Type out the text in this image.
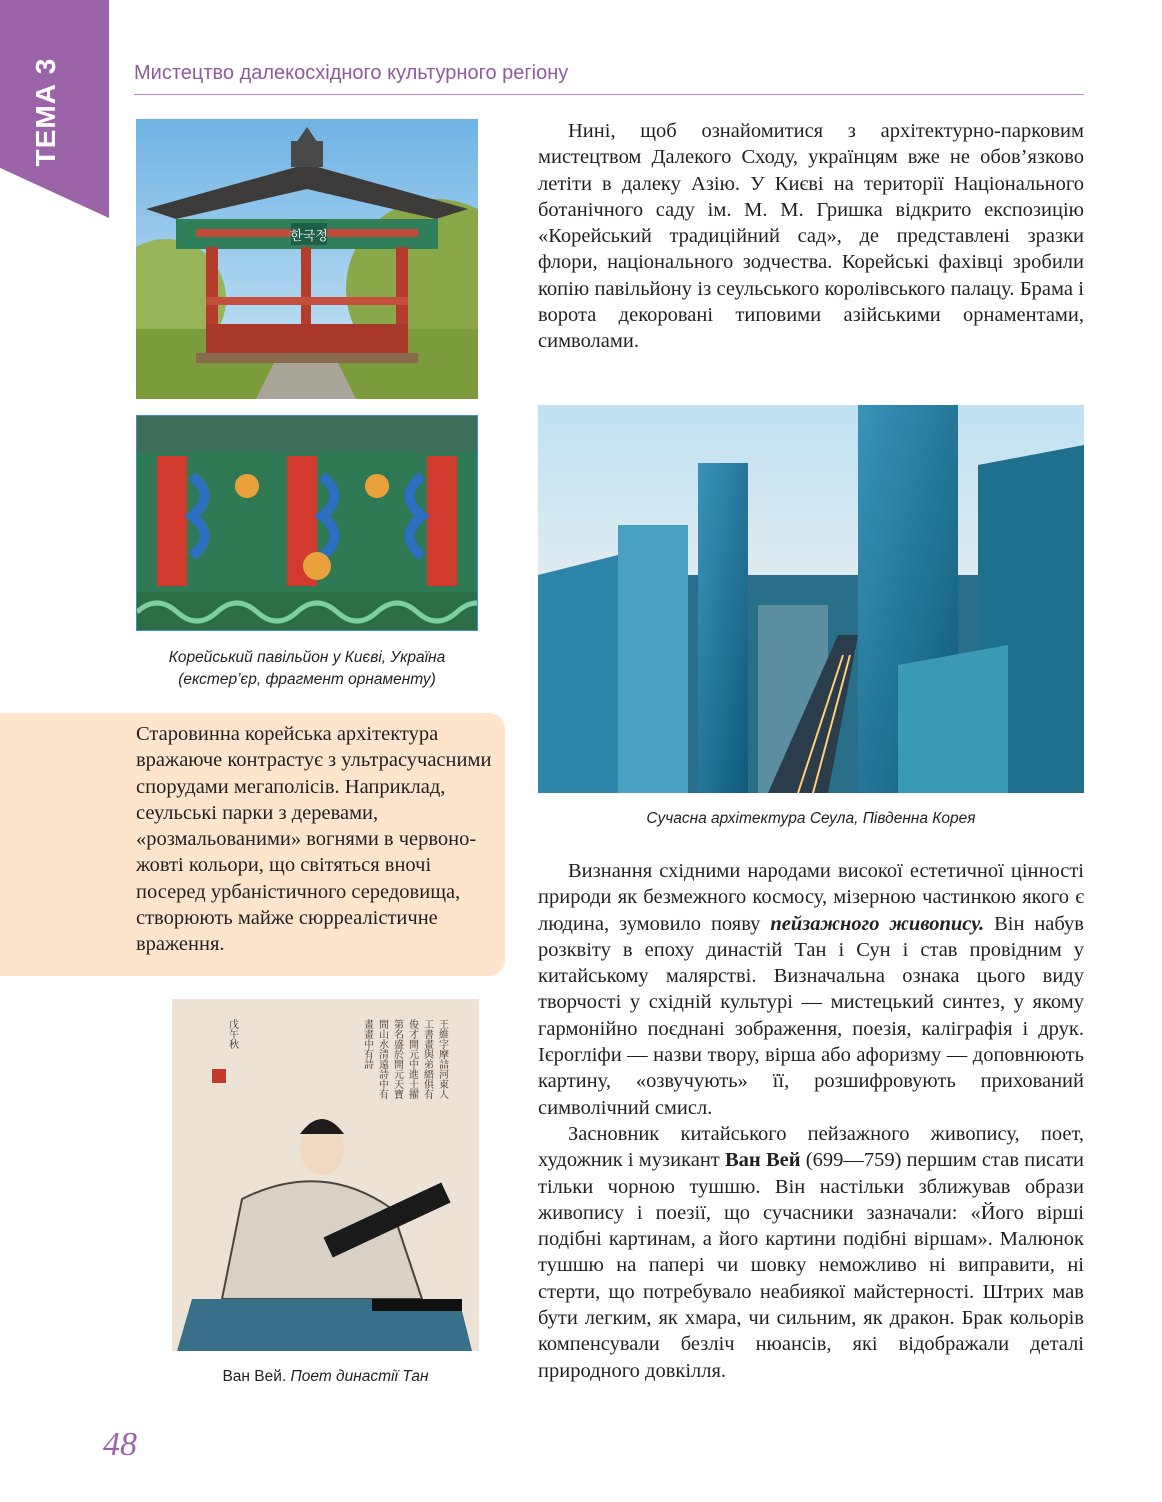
ТЕМА 3	Мистецтво далекосхідного культурного регіону
한국정
Корейський павільйон у Києві, Україна
(екстер’єр, фрагмент орнаменту)

Нині, щоб ознайомитися з архітектурно-парковим мистецтвом Далекого Сходу, українцям вже не обов’язково летіти в далеку Азію. У Києві на території Національного ботанічного саду ім. М. М. Гришка відкрито експозицію «Корейський традиційний сад», де представлені зразки флори, національного зодчества. Корейські фахівці зробили копію павільйону із сеульського королівського палацу. Брама і ворота декоровані типовими азійськими орнаментами, символами.

Сучасна архітектура Сеула, Південна Корея
Старовинна корейська архітектура вражаюче контрастує з ультрасучасними спорудами мегаполісів. Наприклад, сеульські парки з деревами, «розмальованими» вогнями в червоно-жовті кольори, що світяться вночі посеред урбаністичного середовища, створюють майже сюрреалістичне враження.
王維字摩詰河東人
工書畫與弟縉俱有
俊才開元中進士擢
第名盛於開元天寶
間山水清遠詩中有
畫畫中有詩
戊午秋
Ван Вей. Поет династії Тан

Визнання східними народами високої естетичної цінності природи як безмежного космосу, мізерною частинкою якого є людина, зумовило появу пейзажного живопису. Він набув розквіту в епоху династій Тан і Сун і став провідним у китайському малярстві. Визначальна ознака цього виду творчості у східній культурі — мистецький синтез, у якому гармонійно поєднані зображення, поезія, каліграфія і друк. Ієрогліфи — назви твору, вірша або афоризму — доповнюють картину, «озвучують» її, розшифровують прихований символічний смисл.

Засновник китайського пейзажного живопису, поет, художник і музикант Ван Вей (699—759) першим став писати тільки чорною тушшю. Він настільки зближував образи живопису і поезії, що сучасники зазначали: «Його вірші подібні картинам, а його картини подібні віршам». Малюнок тушшю на папері чи шовку неможливо ні виправити, ні стерти, що потребувало неабиякої майстерності. Штрих мав бути легким, як хмара, чи сильним, як дракон. Брак кольорів компенсували безліч нюансів, які відображали деталі природного довкілля.

48
